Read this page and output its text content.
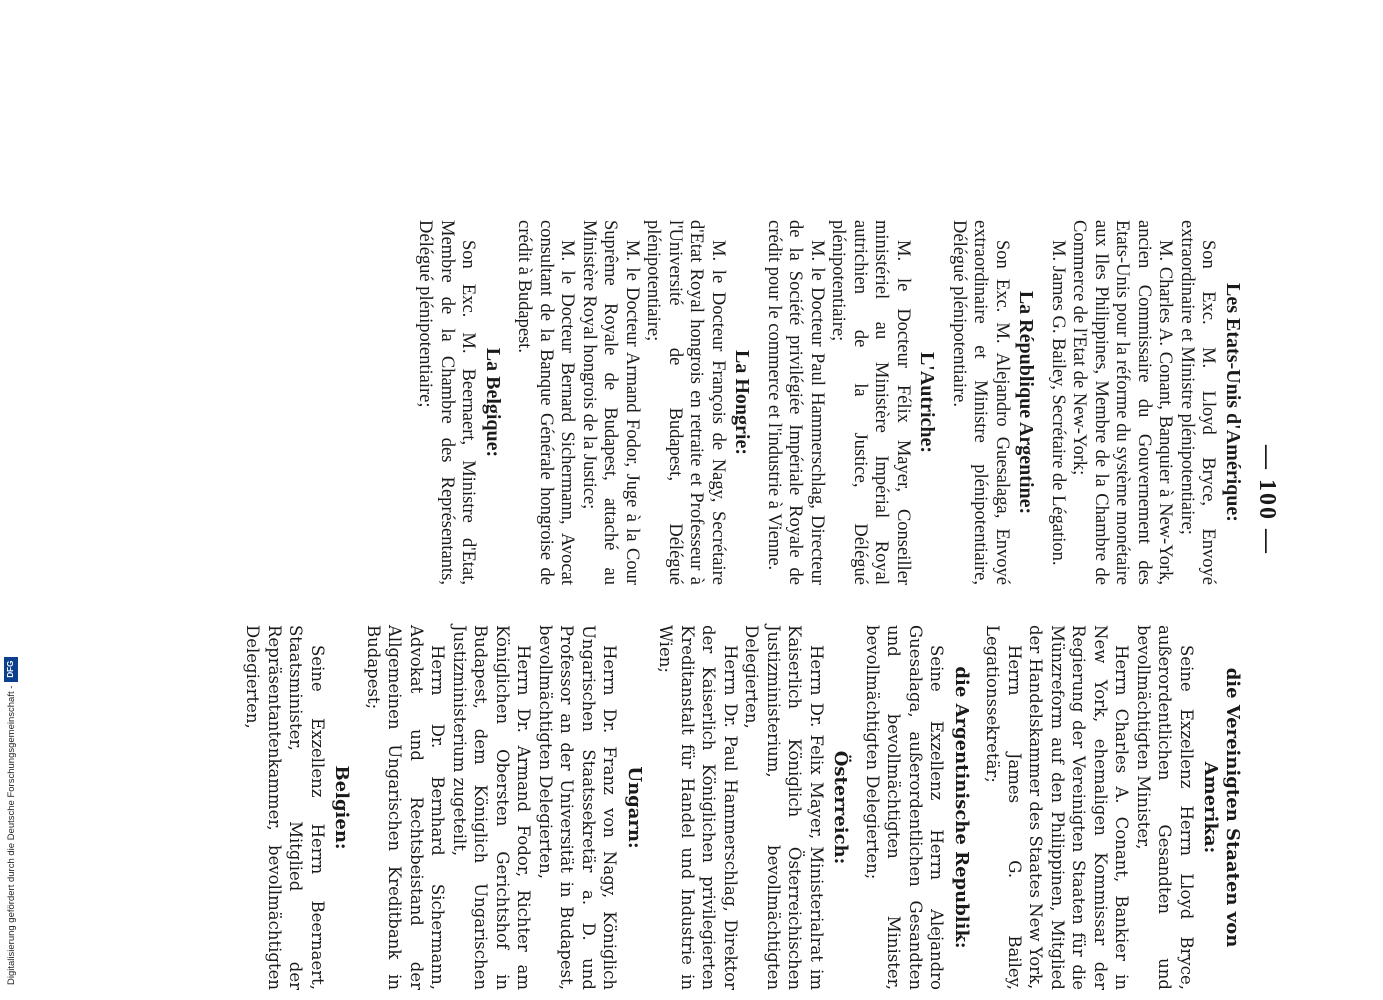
— 100 —

Les Etats-Unis d'Amérique:

Son Exc. M. Lloyd Bryce, Envoyé extraordinaire et Ministre plénipotentiaire;

M. Charles A. Conant, Banquier à New-York, ancien Commissaire du Gouvernement des Etats-Unis pour la réforme du système monétaire aux Iles Philippines, Membre de la Chambre de Commerce de l'Etat de New-York;

M. James G. Bailey, Secrétaire de Légation.

La République Argentine:

Son Exc. M. Alejandro Guesalaga, Envoyé extraordinaire et Ministre plénipotentiaire, Délégué plénipotentiaire.

L'Autriche:

M. le Docteur Félix Mayer, Conseiller ministériel au Ministère Impérial Royal autrichien de la Justice, Délégué plénipotentiaire;

M. le Docteur Paul Hammerschlag, Directeur de la Société privilégiée Impériale Royale de crédit pour le commerce et l'industrie à Vienne.

La Hongrie:

M. le Docteur François de Nagy, Secrétaire d'Etat Royal hongrois en retraite et Professeur à l'Université de Budapest, Délégué plénipotentiaire;

M. le Docteur Armand Fodor, Juge à la Cour Suprême Royale de Budapest, attaché au Ministère Royal hongrois de la Justice;

M. le Docteur Bernard Sichermann, Avocat consultant de la Banque Générale hongroise de crédit à Budapest.

La Belgique:

Son Exc. M. Beernaert, Ministre d'Etat, Membre de la Chambre des Représentants, Délégué plénipotentiaire;

die Vereinigten Staaten von Amerika:

Seine Exzellenz Herrn Lloyd Bryce, außerordentlichen Gesandten und bevollmächtigten Minister,

Herrn Charles A. Conant, Bankier in New York, ehemaligen Kommissar der Regierung der Vereinigten Staaten für die Münzreform auf den Philippinen, Mitglied der Handelskammer des Staates New York,

Herrn James G. Bailey, Legationssekretär;

die Argentinische Republik:

Seine Exzellenz Herrn Alejandro Guesalaga, außerordentlichen Gesandten und bevollmächtigten Minister, bevollmächtigten Delegierten;

Österreich:

Herrn Dr. Felix Mayer, Ministerialrat im Kaiserlich Königlich Österreichischen Justizministerium, bevollmächtigten Delegierten,

Herrn Dr. Paul Hammerschlag, Direktor der Kaiserlich Königlichen privilegierten Kreditanstalt für Handel und Industrie in Wien;

Ungarn:

Herrn Dr. Franz von Nagy, Königlich Ungarischen Staatssekretär a. D. und Professor an der Universität in Budapest, bevollmächtigten Delegierten,

Herrn Dr. Armand Fodor, Richter am Königlichen Obersten Gerichtshof in Budapest, dem Königlich Ungarischen Justizministerium zugeteilt,

Herrn Dr. Bernhard Sichermann, Advokat und Rechtsbeistand der Allgemeinen Ungarischen Kreditbank in Budapest;

Belgien:

Seine Exzellenz Herrn Beernaert, Staatsminister, Mitglied der Repräsentantenkammer, bevollmächtigten Delegierten,

Digitalisierung gefördert durch die Deutsche Forschungsgemeinschaft -
DFG
